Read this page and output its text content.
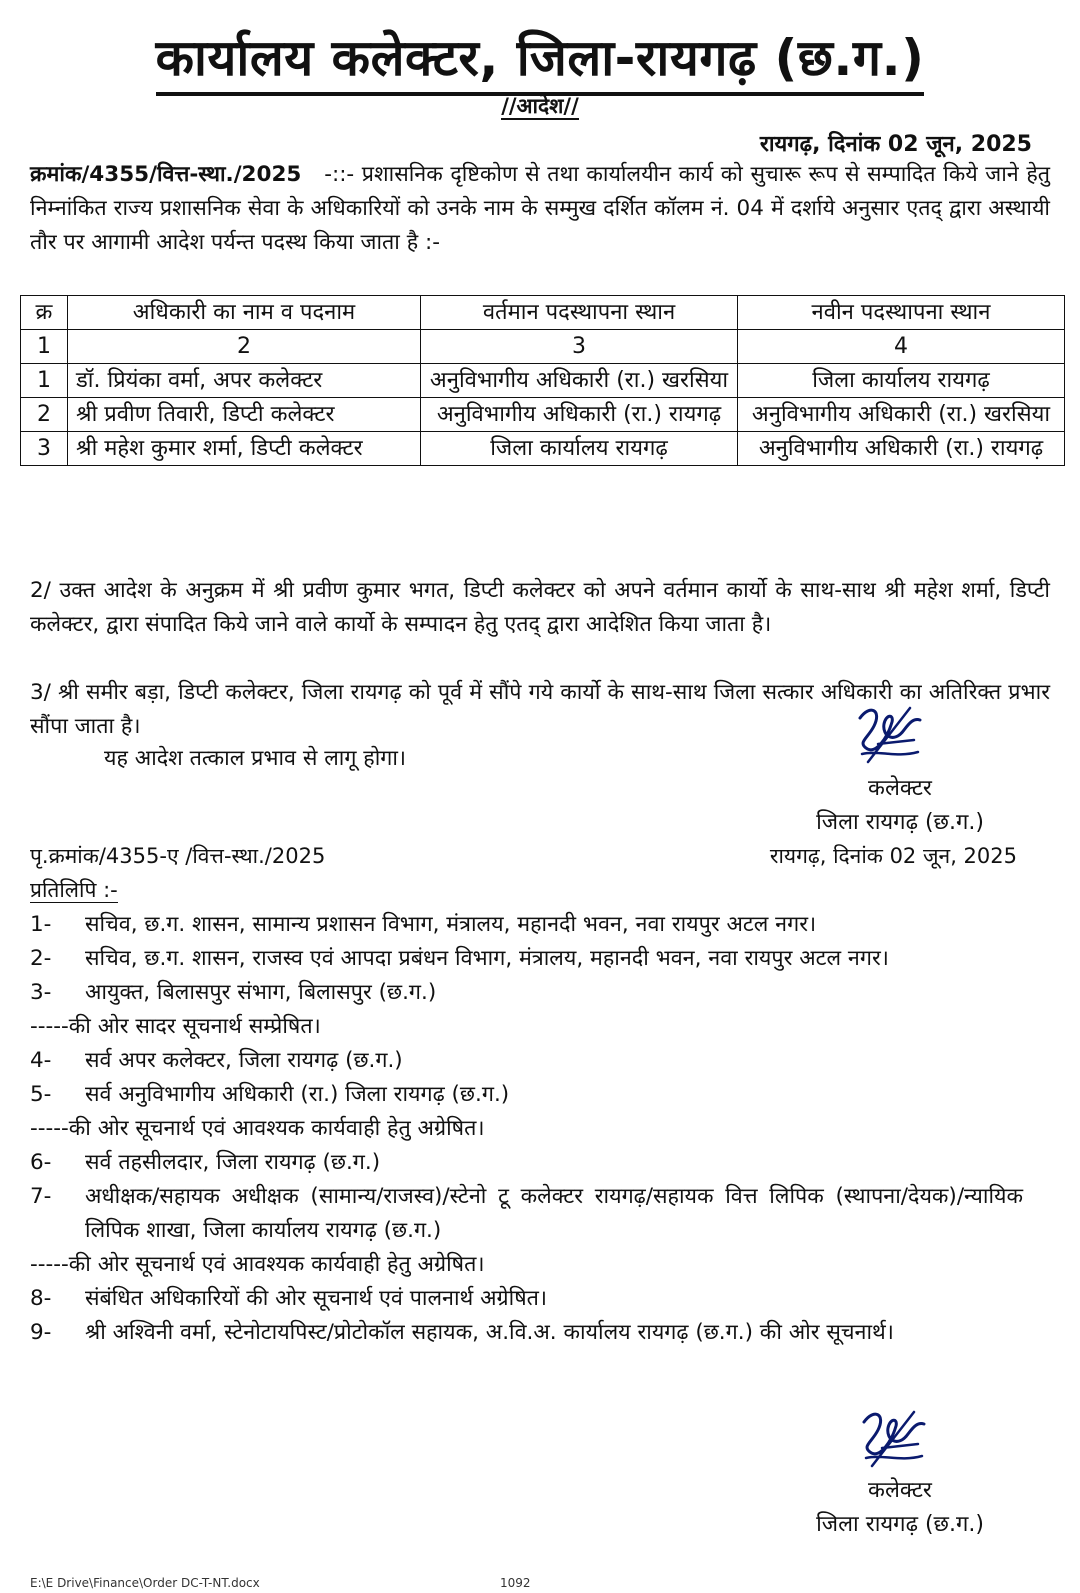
कार्यालय कलेक्टर, जिला-रायगढ़ (छ.ग.)
//आदेश//
रायगढ़, दिनांक 02 जून, 2025
क्रमांक/4355/वित्त-स्था./2025 -::- प्रशासनिक दृष्टिकोण से तथा कार्यालयीन कार्य को सुचारू रूप से सम्पादित किये जाने हेतु निम्नांकित राज्य प्रशासनिक सेवा के अधिकारियों को उनके नाम के सम्मुख दर्शित कॉलम नं. 04 में दर्शाये अनुसार एतद् द्वारा अस्थायी तौर पर आगामी आदेश पर्यन्त पदस्थ किया जाता है :-
क्र	अधिकारी का नाम व पदनाम	वर्तमान पदस्थापना स्थान	नवीन पदस्थापना स्थान
1	2	3	4
1	डॉ. प्रियंका वर्मा, अपर कलेक्टर	अनुविभागीय अधिकारी (रा.) खरसिया	जिला कार्यालय रायगढ़
2	श्री प्रवीण तिवारी, डिप्टी कलेक्टर	अनुविभागीय अधिकारी (रा.) रायगढ़	अनुविभागीय अधिकारी (रा.) खरसिया
3	श्री महेश कुमार शर्मा, डिप्टी कलेक्टर	जिला कार्यालय रायगढ़	अनुविभागीय अधिकारी (रा.) रायगढ़
2/ उक्त आदेश के अनुक्रम में श्री प्रवीण कुमार भगत, डिप्टी कलेक्टर को अपने वर्तमान कार्यो के साथ-साथ श्री महेश शर्मा, डिप्टी कलेक्टर, द्वारा संपादित किये जाने वाले कार्यो के सम्पादन हेतु एतद् द्वारा आदेशित किया जाता है।
3/ श्री समीर बड़ा, डिप्टी कलेक्टर, जिला रायगढ़ को पूर्व में सौंपे गये कार्यो के साथ-साथ जिला सत्कार अधिकारी का अतिरिक्त प्रभार सौंपा जाता है।
यह आदेश तत्काल प्रभाव से लागू होगा।
कलेक्टर
जिला रायगढ़ (छ.ग.)
पृ.क्रमांक/4355-ए /वित्त-स्था./2025	रायगढ़, दिनांक 02 जून, 2025
प्रतिलिपि :-
1-	सचिव, छ.ग. शासन, सामान्य प्रशासन विभाग, मंत्रालय, महानदी भवन, नवा रायपुर अटल नगर।
2-	सचिव, छ.ग. शासन, राजस्व एवं आपदा प्रबंधन विभाग, मंत्रालय, महानदी भवन, नवा रायपुर अटल नगर।
3-	आयुक्त, बिलासपुर संभाग, बिलासपुर (छ.ग.)
-----की ओर सादर सूचनार्थ सम्प्रेषित।
4-	सर्व अपर कलेक्टर, जिला रायगढ़ (छ.ग.)
5-	सर्व अनुविभागीय अधिकारी (रा.) जिला रायगढ़ (छ.ग.)
-----की ओर सूचनार्थ एवं आवश्यक कार्यवाही हेतु अग्रेषित।
6-	सर्व तहसीलदार, जिला रायगढ़ (छ.ग.)
7-	अधीक्षक/सहायक अधीक्षक (सामान्य/राजस्व)/स्टेनो टू कलेक्टर रायगढ़/सहायक वित्त लिपिक (स्थापना/देयक)/न्यायिक लिपिक शाखा, जिला कार्यालय रायगढ़ (छ.ग.)
-----की ओर सूचनार्थ एवं आवश्यक कार्यवाही हेतु अग्रेषित।
8-	संबंधित अधिकारियों की ओर सूचनार्थ एवं पालनार्थ अग्रेषित।
9-	श्री अश्विनी वर्मा, स्टेनोटायपिस्ट/प्रोटोकॉल सहायक, अ.वि.अ. कार्यालय रायगढ़ (छ.ग.) की ओर सूचनार्थ।
कलेक्टर
जिला रायगढ़ (छ.ग.)
E:\E Drive\Finance\Order DC-T-NT.docx	1092
